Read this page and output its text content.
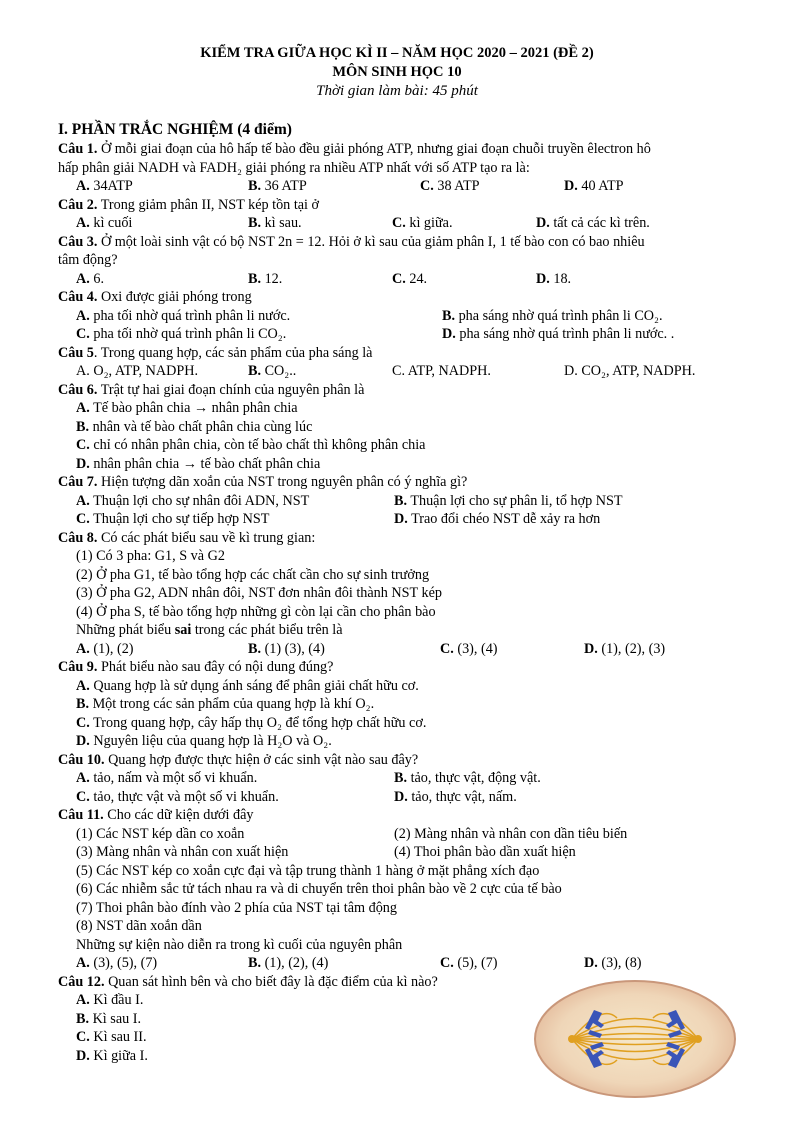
KIỂM TRA GIỮA HỌC KÌ II – NĂM HỌC 2020 – 2021 (ĐỀ 2)
MÔN SINH HỌC 10
Thời gian làm bài: 45 phút
I. PHẦN TRẮC NGHIỆM (4 điểm)
Câu 1. Ở mỗi giai đoạn của hô hấp tế bào đều giải phóng ATP, nhưng giai đoạn chuỗi truyền êlectron hô
hấp phân giải NADH và FADH₂ giải phóng ra nhiều ATP nhất với số ATP tạo ra là:
A. 34ATP	B. 36 ATP	C. 38 ATP	D. 40 ATP
Câu 2. Trong giảm phân II, NST kép tồn tại ở
A. kì cuối	B. kì sau.	C. kì giữa.	D. tất cả các kì trên.
Câu 3. Ở một loài sinh vật có bộ NST 2n = 12. Hỏi ở kì sau của giảm phân I, 1 tế bào con có bao nhiêu
tâm động?
A. 6.	B. 12.	C. 24.	D. 18.
Câu 4. Oxi được giải phóng trong
A. pha tối nhờ quá trình phân li nước.	B. pha sáng nhờ quá trình phân li CO₂.
C. pha tối nhờ quá trình phân li CO₂.	D. pha sáng nhờ quá trình phân li nước. .
Câu 5. Trong quang hợp, các sản phẩm của pha sáng là
A. O₂, ATP, NADPH.	B. CO₂..	C. ATP, NADPH.	D. CO₂, ATP, NADPH.
Câu 6. Trật tự hai giai đoạn chính của nguyên phân là
A. Tế bào phân chia → nhân phân chia
B. nhân và tế bào chất phân chia cùng lúc
C. chỉ có nhân phân chia, còn tế bào chất thì không phân chia
D. nhân phân chia → tế bào chất phân chia
Câu 7. Hiện tượng dãn xoắn của NST trong nguyên phân có ý nghĩa gì?
A. Thuận lợi cho sự nhân đôi ADN, NST	B. Thuận lợi cho sự phân li, tổ hợp NST
C. Thuận lợi cho sự tiếp hợp NST	D. Trao đổi chéo NST dễ xảy ra hơn
Câu 8. Có các phát biểu sau về kì trung gian:
(1) Có 3 pha: G1, S và G2
(2) Ở pha G1, tế bào tổng hợp các chất cần cho sự sinh trưởng
(3) Ở pha G2, ADN nhân đôi, NST đơn nhân đôi thành NST kép
(4) Ở pha S, tế bào tổng hợp những gì còn lại cần cho phân bào
Những phát biểu sai trong các phát biểu trên là
A. (1), (2)	B. (1) (3), (4)	C. (3), (4)	D. (1), (2), (3)
Câu 9. Phát biểu nào sau đây có nội dung đúng?
A. Quang hợp là sử dụng ánh sáng để phân giải chất hữu cơ.
B. Một trong các sản phẩm của quang hợp là khí O₂.
C. Trong quang hợp, cây hấp thụ O₂ để tổng hợp chất hữu cơ.
D. Nguyên liệu của quang hợp là H₂O và O₂.
Câu 10. Quang hợp được thực hiện ở các sinh vật nào sau đây?
A. tảo, nấm và một số vi khuẩn.	B. tảo, thực vật, động vật.
C. tảo, thực vật và một số vi khuẩn.	D. tảo, thực vật, nấm.
Câu 11. Cho các dữ kiện dưới đây
(1) Các NST kép dần co xoắn	(2) Màng nhân và nhân con dần tiêu biến
(3) Màng nhân và nhân con xuất hiện	(4) Thoi phân bào dần xuất hiện
(5) Các NST kép co xoắn cực đại và tập trung thành 1 hàng ở mặt phẳng xích đạo
(6) Các nhiễm sắc tử tách nhau ra và di chuyển trên thoi phân bào về 2 cực của tế bào
(7) Thoi phân bào đính vào 2 phía của NST tại tâm động
(8) NST dãn xoắn dần
Những sự kiện nào diễn ra trong kì cuối của nguyên phân
A. (3), (5), (7)	B. (1), (2), (4)	C. (5), (7)	D. (3), (8)
Câu 12. Quan sát hình bên và cho biết đây là đặc điểm của kì nào?
A. Kì đầu I.
B. Kì sau I.
C. Kì sau II.
D. Kì giữa I.
